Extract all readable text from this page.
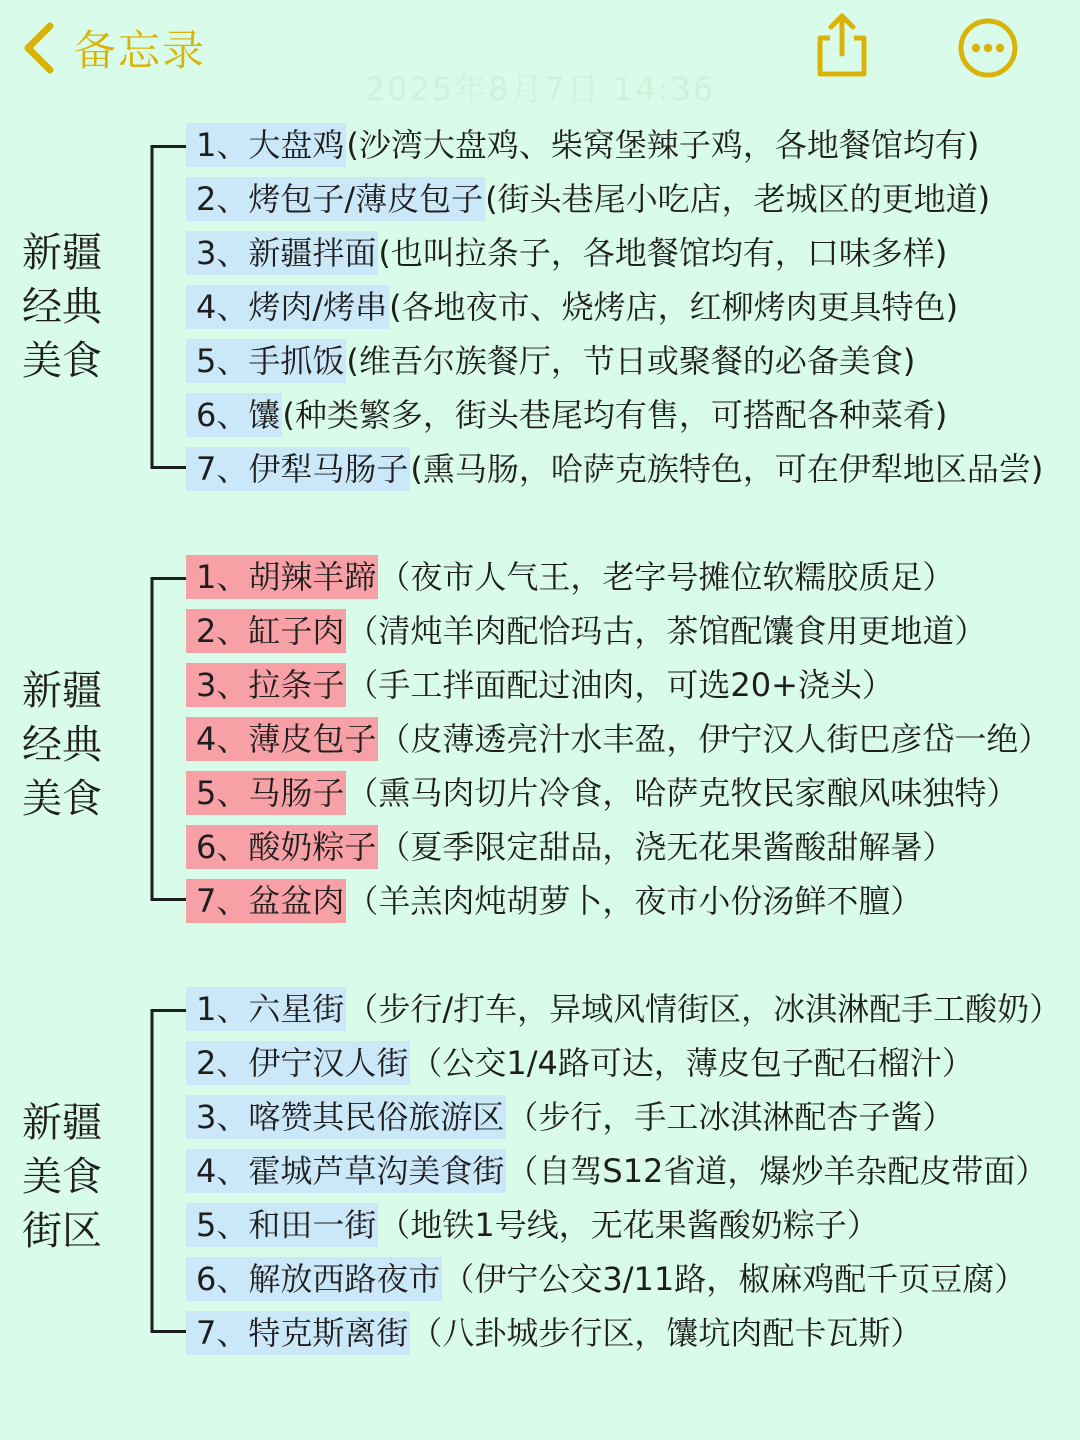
备忘录
2025年8月7日 14:36
新疆
经典
美食
1、大盘鸡 (沙湾大盘鸡、柴窝堡辣子鸡，各地餐馆均有)
2、烤包子/薄皮包子 (街头巷尾小吃店，老城区的更地道)
3、新疆拌面 (也叫拉条子，各地餐馆均有，口味多样)
4、烤肉/烤串 (各地夜市、烧烤店，红柳烤肉更具特色)
5、手抓饭 (维吾尔族餐厅，节日或聚餐的必备美食)
6、馕 (种类繁多，街头巷尾均有售，可搭配各种菜肴)
7、伊犁马肠子 (熏马肠，哈萨克族特色，可在伊犁地区品尝)
新疆
经典
美食
1、胡辣羊蹄 （夜市人气王，老字号摊位软糯胶质足）
2、缸子肉 （清炖羊肉配恰玛古，茶馆配馕食用更地道）
3、拉条子 （手工拌面配过油肉，可选20+浇头）
4、薄皮包子 （皮薄透亮汁水丰盈，伊宁汉人街巴彦岱一绝）
5、马肠子 （熏马肉切片冷食，哈萨克牧民家酿风味独特）
6、酸奶粽子 （夏季限定甜品，浇无花果酱酸甜解暑）
7、盆盆肉 （羊羔肉炖胡萝卜，夜市小份汤鲜不膻）
新疆
美食
街区
1、六星街 （步行/打车，异域风情街区，冰淇淋配手工酸奶）
2、伊宁汉人街 （公交1/4路可达，薄皮包子配石榴汁）
3、喀赞其民俗旅游区 （步行，手工冰淇淋配杏子酱）
4、霍城芦草沟美食街 （自驾S12省道，爆炒羊杂配皮带面）
5、和田一街 （地铁1号线，无花果酱酸奶粽子）
6、解放西路夜市 （伊宁公交3/11路，椒麻鸡配千页豆腐）
7、特克斯离街 （八卦城步行区，馕坑肉配卡瓦斯）
